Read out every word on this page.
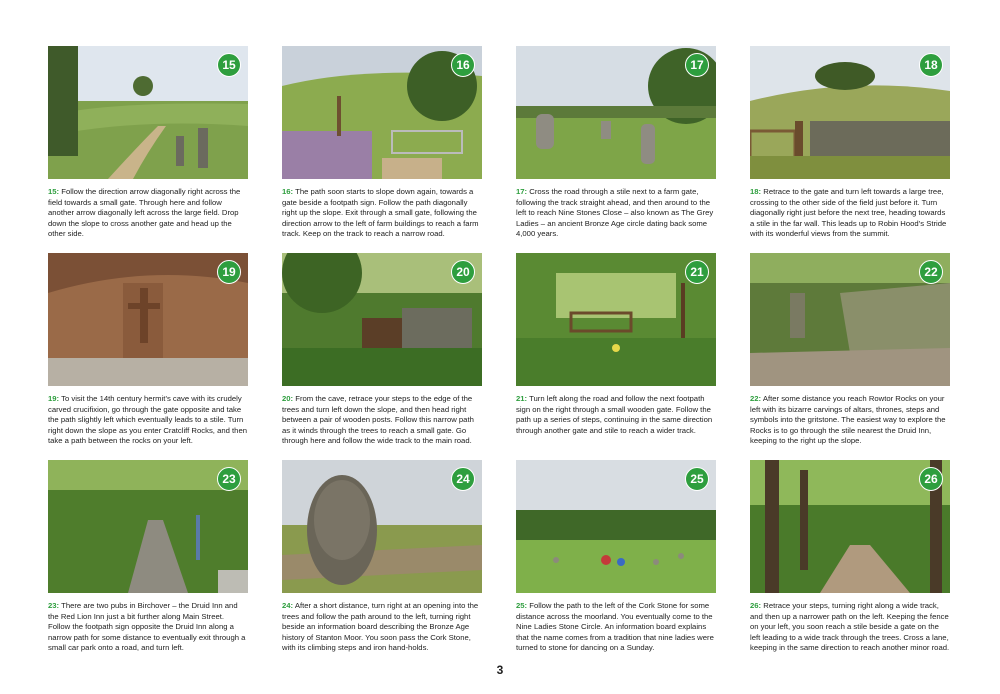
15
15: Follow the direction arrow diagonally right across the field towards a small gate. Through here and follow another arrow diagonally left across the large field. Drop down the slope to cross another gate and head up the other side.
16
16: The path soon starts to slope down again, towards a gate beside a footpath sign. Follow the path diagonally right up the slope. Exit through a small gate, following the direction arrow to the left of farm buildings to reach a farm track. Keep on the track to reach a narrow road.
17
17: Cross the road through a stile next to a farm gate, following the track straight ahead, and then around to the left to reach Nine Stones Close – also known as The Grey Ladies – an ancient Bronze Age circle dating back some 4,000 years.
18
18: Retrace to the gate and turn left towards a large tree, crossing to the other side of the field just before it. Turn diagonally right just before the next tree, heading towards a stile in the far wall. This leads up to Robin Hood’s Stride with its wonderful views from the summit.
19
19: To visit the 14th century hermit’s cave with its crudely carved crucifixion, go through the gate opposite and take the path slightly left which eventually leads to a stile. Turn right down the slope as you enter Cratcliff Rocks, and then take a path between the rocks on your left.
20
20: From the cave, retrace your steps to the edge of the trees and turn left down the slope, and then head right between a pair of wooden posts. Follow this narrow path as it winds through the trees to reach a small gate. Go through here and follow the wide track to the main road.
21
21: Turn left along the road and follow the next footpath sign on the right through a small wooden gate. Follow the path up a series of steps, continuing in the same direction through another gate and stile to reach a wider track.
22
22: After some distance you reach Rowtor Rocks on your left with its bizarre carvings of altars, thrones, steps and symbols into the gritstone. The easiest way to explore the Rocks is to go through the stile nearest the Druid Inn, keeping to the right up the slope.
23
23: There are two pubs in Birchover – the Druid Inn and the Red Lion Inn just a bit further along Main Street. Follow the footpath sign opposite the Druid Inn along a narrow path for some distance to eventually exit through a small car park onto a road, and turn left.
24
24: After a short distance, turn right at an opening into the trees and follow the path around to the left, turning right beside an information board describing the Bronze Age history of Stanton Moor. You soon pass the Cork Stone, with its climbing steps and iron hand-holds.
25
25: Follow the path to the left of the Cork Stone for some distance across the moorland. You eventually come to the Nine Ladies Stone Circle. An information board explains that the name comes from a tradition that nine ladies were turned to stone for dancing on a Sunday.
26
26: Retrace your steps, turning right along a wide track, and then up a narrower path on the left. Keeping the fence on your left, you soon reach a stile beside a gate on the left leading to a wide track through the trees. Cross a lane, keeping in the same direction to reach another minor road.
3
